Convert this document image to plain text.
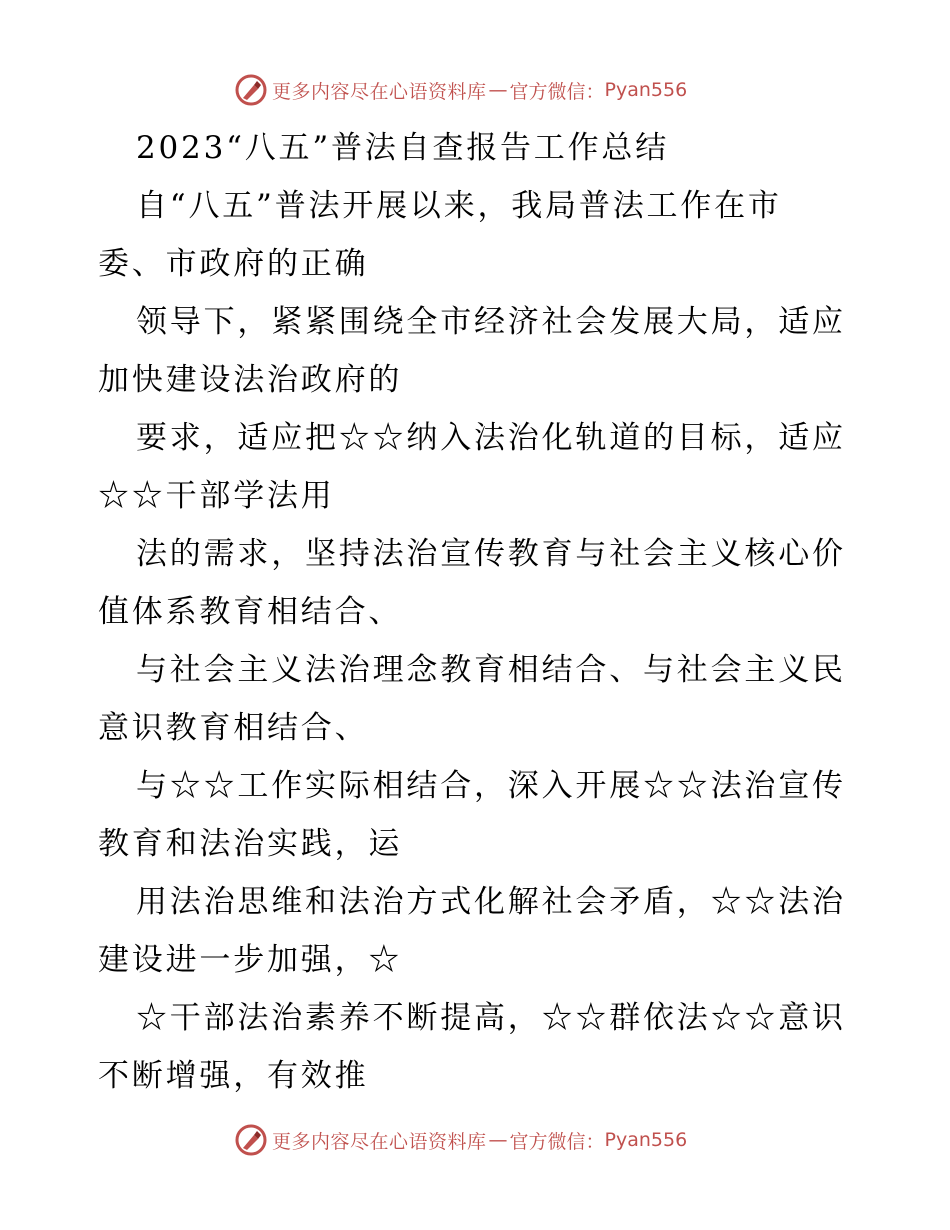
更多内容尽在心语资料库 — 官方微信： Pyan556
2023“八五”普法自查报告工作总结
自“八五”普法开展以来，我局普法工作在市
委、市政府的正确
领导下，紧紧围绕全市经济社会发展大局，适应
加快建设法治政府的
要求，适应把☆☆纳入法治化轨道的目标，适应
☆☆干部学法用
法的需求，坚持法治宣传教育与社会主义核心价
值体系教育相结合、
与社会主义法治理念教育相结合、与社会主义民
意识教育相结合、
与☆☆工作实际相结合，深入开展☆☆法治宣传
教育和法治实践，运
用法治思维和法治方式化解社会矛盾，☆☆法治
建设进一步加强，☆
☆干部法治素养不断提高，☆☆群依法☆☆意识
不断增强，有效推
更多内容尽在心语资料库 — 官方微信： Pyan556
